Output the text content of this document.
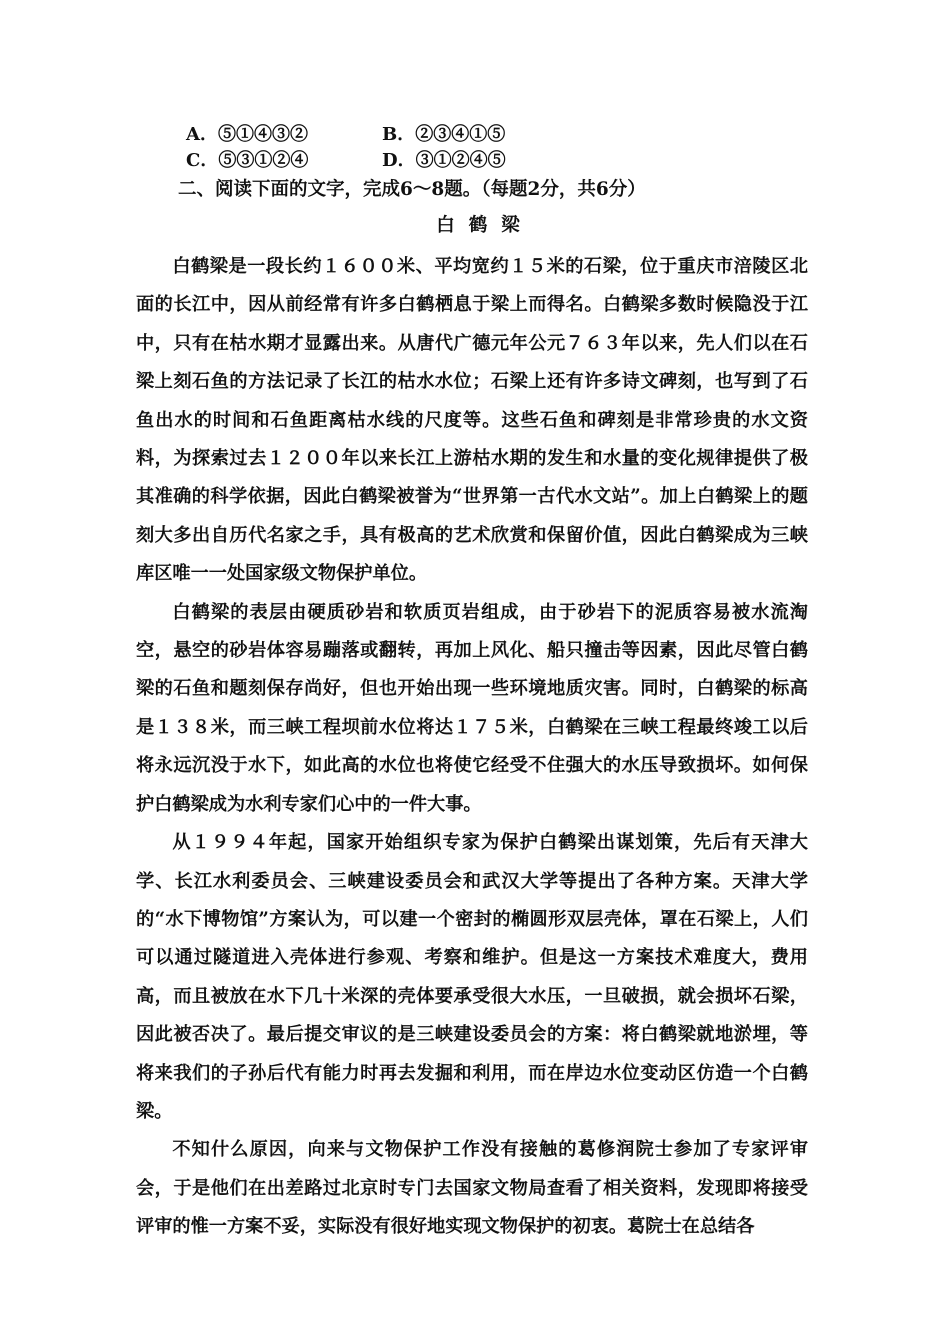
A．⑤①④③②	B．②③④①⑤
C．⑤③①②④	D．③①②④⑤
二、阅读下面的文字，完成6～8题。（每题2分，共6分）
白鹤梁

白鹤梁是一段长约１６００米、平均宽约１５米的石梁，位于重庆市涪陵区北面的长江中，因从前经常有许多白鹤栖息于梁上而得名。白鹤梁多数时候隐没于江中，只有在枯水期才显露出来。从唐代广德元年公元７６３年以来，先人们以在石梁上刻石鱼的方法记录了长江的枯水水位；石梁上还有许多诗文碑刻，也写到了石鱼出水的时间和石鱼距离枯水线的尺度等。这些石鱼和碑刻是非常珍贵的水文资料，为探索过去１２００年以来长江上游枯水期的发生和水量的变化规律提供了极其准确的科学依据，因此白鹤梁被誉为“世界第一古代水文站”。加上白鹤梁上的题刻大多出自历代名家之手，具有极高的艺术欣赏和保留价值，因此白鹤梁成为三峡库区唯一一处国家级文物保护单位。

白鹤梁的表层由硬质砂岩和软质页岩组成，由于砂岩下的泥质容易被水流淘空，悬空的砂岩体容易蹦落或翻转，再加上风化、船只撞击等因素，因此尽管白鹤梁的石鱼和题刻保存尚好，但也开始出现一些环境地质灾害。同时，白鹤梁的标高是１３８米，而三峡工程坝前水位将达１７５米，白鹤梁在三峡工程最终竣工以后将永远沉没于水下，如此高的水位也将使它经受不住强大的水压导致损坏。如何保护白鹤梁成为水利专家们心中的一件大事。

从１９９４年起，国家开始组织专家为保护白鹤梁出谋划策，先后有天津大学、长江水利委员会、三峡建设委员会和武汉大学等提出了各种方案。天津大学的“水下博物馆”方案认为，可以建一个密封的椭圆形双层壳体，罩在石梁上，人们可以通过隧道进入壳体进行参观、考察和维护。但是这一方案技术难度大，费用高，而且被放在水下几十米深的壳体要承受很大水压，一旦破损，就会损坏石梁，因此被否决了。最后提交审议的是三峡建设委员会的方案：将白鹤梁就地淤埋，等将来我们的子孙后代有能力时再去发掘和利用，而在岸边水位变动区仿造一个白鹤梁。

不知什么原因，向来与文物保护工作没有接触的葛修润院士参加了专家评审会，于是他们在出差路过北京时专门去国家文物局查看了相关资料，发现即将接受评审的惟一方案不妥，实际没有很好地实现文物保护的初衷。葛院士在总结各
